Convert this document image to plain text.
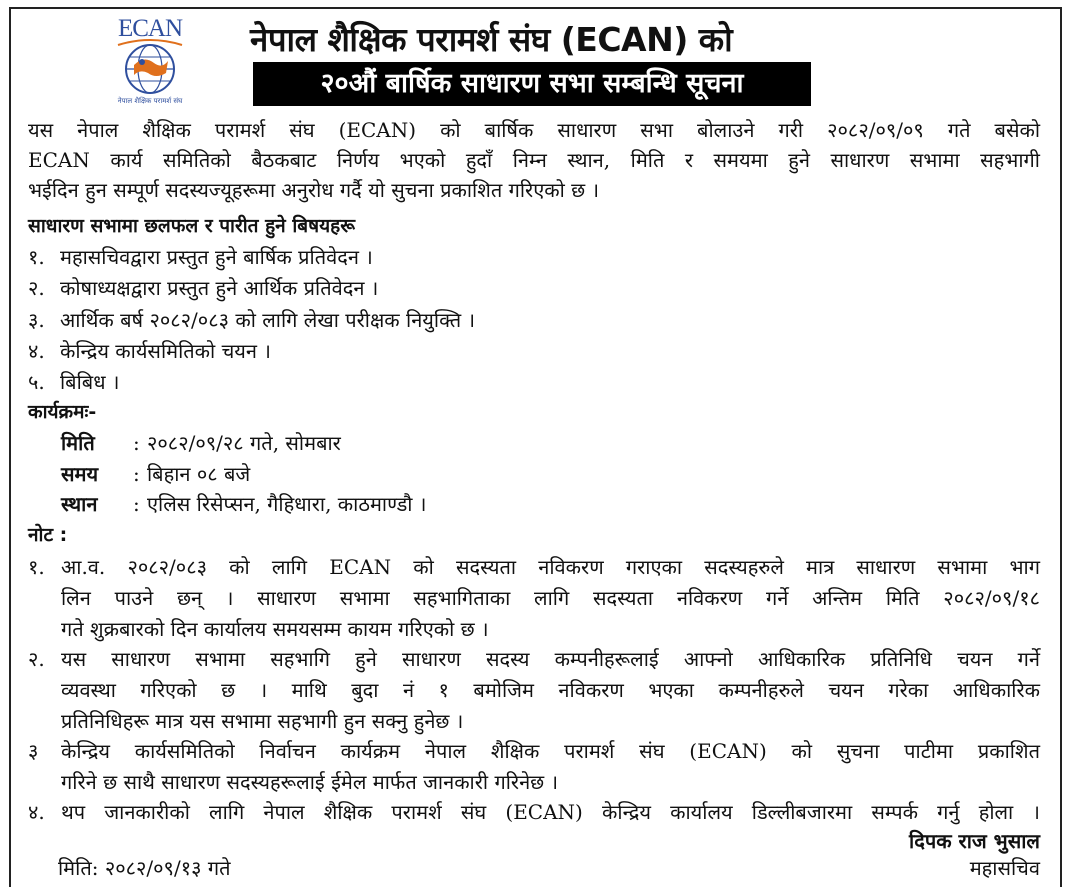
ECAN
नेपाल शैक्षिक परामर्श संघ
नेपाल शैक्षिक परामर्श संघ (ECAN) को
२०औं बार्षिक साधारण सभा सम्बन्धि सूचना
यस नेपाल शैक्षिक परामर्श संघ (ECAN) को बार्षिक साधारण सभा बोलाउने गरी २०८२/०९/०९ गते बसेको
ECAN कार्य समितिको बैठकबाट निर्णय भएको हुदाँ निम्न स्थान, मिति र समयमा हुने साधारण सभामा सहभागी
भईदिन हुन सम्पूर्ण सदस्यज्यूहरूमा अनुरोध गर्दै यो सुचना प्रकाशित गरिएको छ ।
साधारण सभामा छलफल र पारीत हुने बिषयहरू
१. महासचिवद्वारा प्रस्तुत हुने बार्षिक प्रतिवेदन ।
२. कोषाध्यक्षद्वारा प्रस्तुत हुने आर्थिक प्रतिवेदन ।
३. आर्थिक बर्ष २०८२/०८३ को लागि लेखा परीक्षक नियुक्ति ।
४. केन्द्रिय कार्यसमितिको चयन ।
५. बिबिध ।
कार्यक्रमः-
मिति : २०८२/०९/२८ गते, सोमबार
समय : बिहान ०८ बजे
स्थान : एलिस रिसेप्सन, गैहिधारा, काठमाण्डौ ।
नोट :
१. आ.व. २०८२/०८३ को लागि ECAN को सदस्यता नविकरण गराएका सदस्यहरुले मात्र साधारण सभामा भाग
लिन पाउने छन् । साधारण सभामा सहभागिताका लागि सदस्यता नविकरण गर्ने अन्तिम मिति २०८२/०९/१८
गते शुक्रबारको दिन कार्यालय समयसम्म कायम गरिएको छ ।
२. यस साधारण सभामा सहभागि हुने साधारण सदस्य कम्पनीहरूलाई आफ्नो आधिकारिक प्रतिनिधि चयन गर्ने
व्यवस्था गरिएको छ । माथि बुदा नं १ बमोजिम नविकरण भएका कम्पनीहरुले चयन गरेका आधिकारिक
प्रतिनिधिहरू मात्र यस सभामा सहभागी हुन सक्नु हुनेछ ।
३ केन्द्रिय कार्यसमितिको निर्वाचन कार्यक्रम नेपाल शैक्षिक परामर्श संघ (ECAN) को सुचना पाटीमा प्रकाशित
गरिने छ साथै साधारण सदस्यहरूलाई ईमेल मार्फत जानकारी गरिनेछ ।
४. थप जानकारीको लागि नेपाल शैक्षिक परामर्श संघ (ECAN) केन्द्रिय कार्यालय डिल्लीबजारमा सम्पर्क गर्नु होला ।
दिपक राज भुसाल
मिति: २०८२/०९/१३ गते	महासचिव
